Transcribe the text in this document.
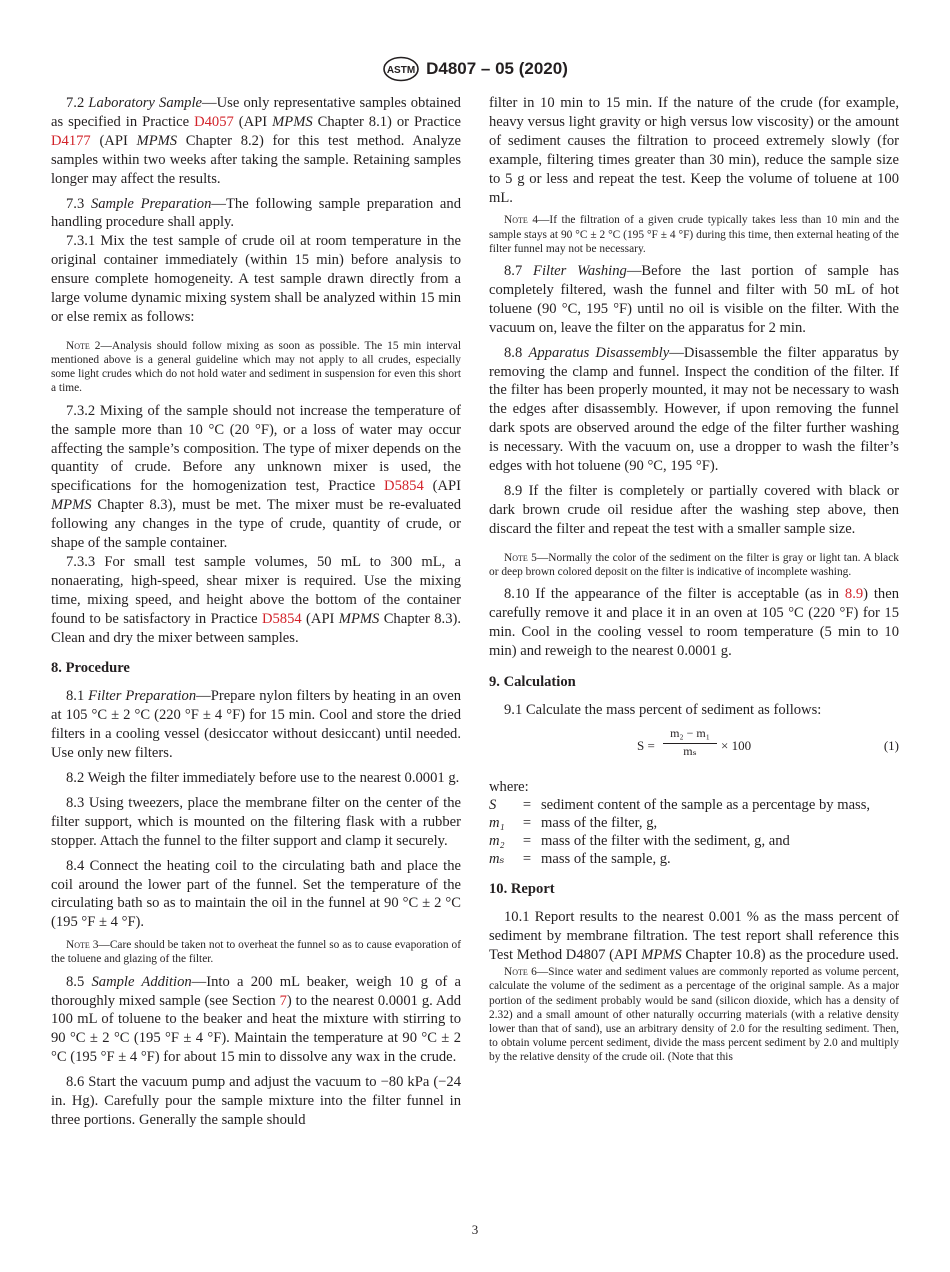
ASTM D4807 – 05 (2020)

7.2 Laboratory Sample—Use only representative samples obtained as specified in Practice D4057 (API MPMS Chapter 8.1) or Practice D4177 (API MPMS Chapter 8.2) for this test method. Analyze samples within two weeks after taking the sample. Retaining samples longer may affect the results.

7.3 Sample Preparation—The following sample preparation and handling procedure shall apply.

7.3.1 Mix the test sample of crude oil at room temperature in the original container immediately (within 15 min) before analysis to ensure complete homogeneity. A test sample drawn directly from a large volume dynamic mixing system shall be analyzed within 15 min or else remix as follows:

Note 2—Analysis should follow mixing as soon as possible. The 15 min interval mentioned above is a general guideline which may not apply to all crudes, especially some light crudes which do not hold water and sediment in suspension for even this short a time.

7.3.2 Mixing of the sample should not increase the temperature of the sample more than 10 °C (20 °F), or a loss of water may occur affecting the sample’s composition. The type of mixer depends on the quantity of crude. Before any unknown mixer is used, the specifications for the homogenization test, Practice D5854 (API MPMS Chapter 8.3), must be met. The mixer must be re-evaluated following any changes in the type of crude, quantity of crude, or shape of the sample container.

7.3.3 For small test sample volumes, 50 mL to 300 mL, a nonaerating, high-speed, shear mixer is required. Use the mixing time, mixing speed, and height above the bottom of the container found to be satisfactory in Practice D5854 (API MPMS Chapter 8.3). Clean and dry the mixer between samples.

8. Procedure

8.1 Filter Preparation—Prepare nylon filters by heating in an oven at 105 °C ± 2 °C (220 °F ± 4 °F) for 15 min. Cool and store the dried filters in a cooling vessel (desiccator without desiccant) until needed. Use only new filters.

8.2 Weigh the filter immediately before use to the nearest 0.0001 g.

8.3 Using tweezers, place the membrane filter on the center of the filter support, which is mounted on the filtering flask with a rubber stopper. Attach the funnel to the filter support and clamp it securely.

8.4 Connect the heating coil to the circulating bath and place the coil around the lower part of the funnel. Set the temperature of the circulating bath so as to maintain the oil in the funnel at 90 °C ± 2 °C (195 °F ± 4 °F).

Note 3—Care should be taken not to overheat the funnel so as to cause evaporation of the toluene and glazing of the filter.

8.5 Sample Addition—Into a 200 mL beaker, weigh 10 g of a thoroughly mixed sample (see Section 7) to the nearest 0.0001 g. Add 100 mL of toluene to the beaker and heat the mixture with stirring to 90 °C ± 2 °C (195 °F ± 4 °F). Maintain the temperature at 90 °C ± 2 °C (195 °F ± 4 °F) for about 15 min to dissolve any wax in the crude.

8.6 Start the vacuum pump and adjust the vacuum to −80 kPa (−24 in. Hg). Carefully pour the sample mixture into the filter funnel in three portions. Generally the sample should

filter in 10 min to 15 min. If the nature of the crude (for example, heavy versus light gravity or high versus low viscosity) or the amount of sediment causes the filtration to proceed extremely slowly (for example, filtering times greater than 30 min), reduce the sample size to 5 g or less and repeat the test. Keep the volume of toluene at 100 mL.

Note 4—If the filtration of a given crude typically takes less than 10 min and the sample stays at 90 °C ± 2 °C (195 °F ± 4 °F) during this time, then external heating of the filter funnel may not be necessary.

8.7 Filter Washing—Before the last portion of sample has completely filtered, wash the funnel and filter with 50 mL of hot toluene (90 °C, 195 °F) until no oil is visible on the filter. With the vacuum on, leave the filter on the apparatus for 2 min.

8.8 Apparatus Disassembly—Disassemble the filter apparatus by removing the clamp and funnel. Inspect the condition of the filter. If the filter has been properly mounted, it may not be necessary to wash the edges after disassembly. However, if upon removing the funnel dark spots are observed around the edge of the filter further washing is necessary. With the vacuum on, use a dropper to wash the filter’s edges with hot toluene (90 °C, 195 °F).

8.9 If the filter is completely or partially covered with black or dark brown crude oil residue after the washing step above, then discard the filter and repeat the test with a smaller sample size.

Note 5—Normally the color of the sediment on the filter is gray or light tan. A black or deep brown colored deposit on the filter is indicative of incomplete washing.

8.10 If the appearance of the filter is acceptable (as in 8.9) then carefully remove it and place it in an oven at 105 °C (220 °F) for 15 min. Cool in the cooling vessel to room temperature (5 min to 10 min) and reweigh to the nearest 0.0001 g.

9. Calculation

9.1 Calculate the mass percent of sediment as follows:

$S = \frac{\text{m₂ − m₁}}{\text{mₛ}} \times 100$	(1)

where:

S	= sediment content of the sample as a percentage by mass,
m₁	= mass of the filter, g,
m₂	= mass of the filter with the sediment, g, and
mₛ	= mass of the sample, g.
10. Report

10.1 Report results to the nearest 0.001 % as the mass percent of sediment by membrane filtration. The test report shall reference this Test Method D4807 (API MPMS Chapter 10.8) as the procedure used.

Note 6—Since water and sediment values are commonly reported as volume percent, calculate the volume of the sediment as a percentage of the original sample. As a major portion of the sediment probably would be sand (silicon dioxide, which has a density of 2.32) and a small amount of other naturally occurring materials (with a relative density lower than that of sand), use an arbitrary density of 2.0 for the resulting sediment. Then, to obtain volume percent sediment, divide the mass percent sediment by 2.0 and multiply by the relative density of the crude oil. (Note that this

3
